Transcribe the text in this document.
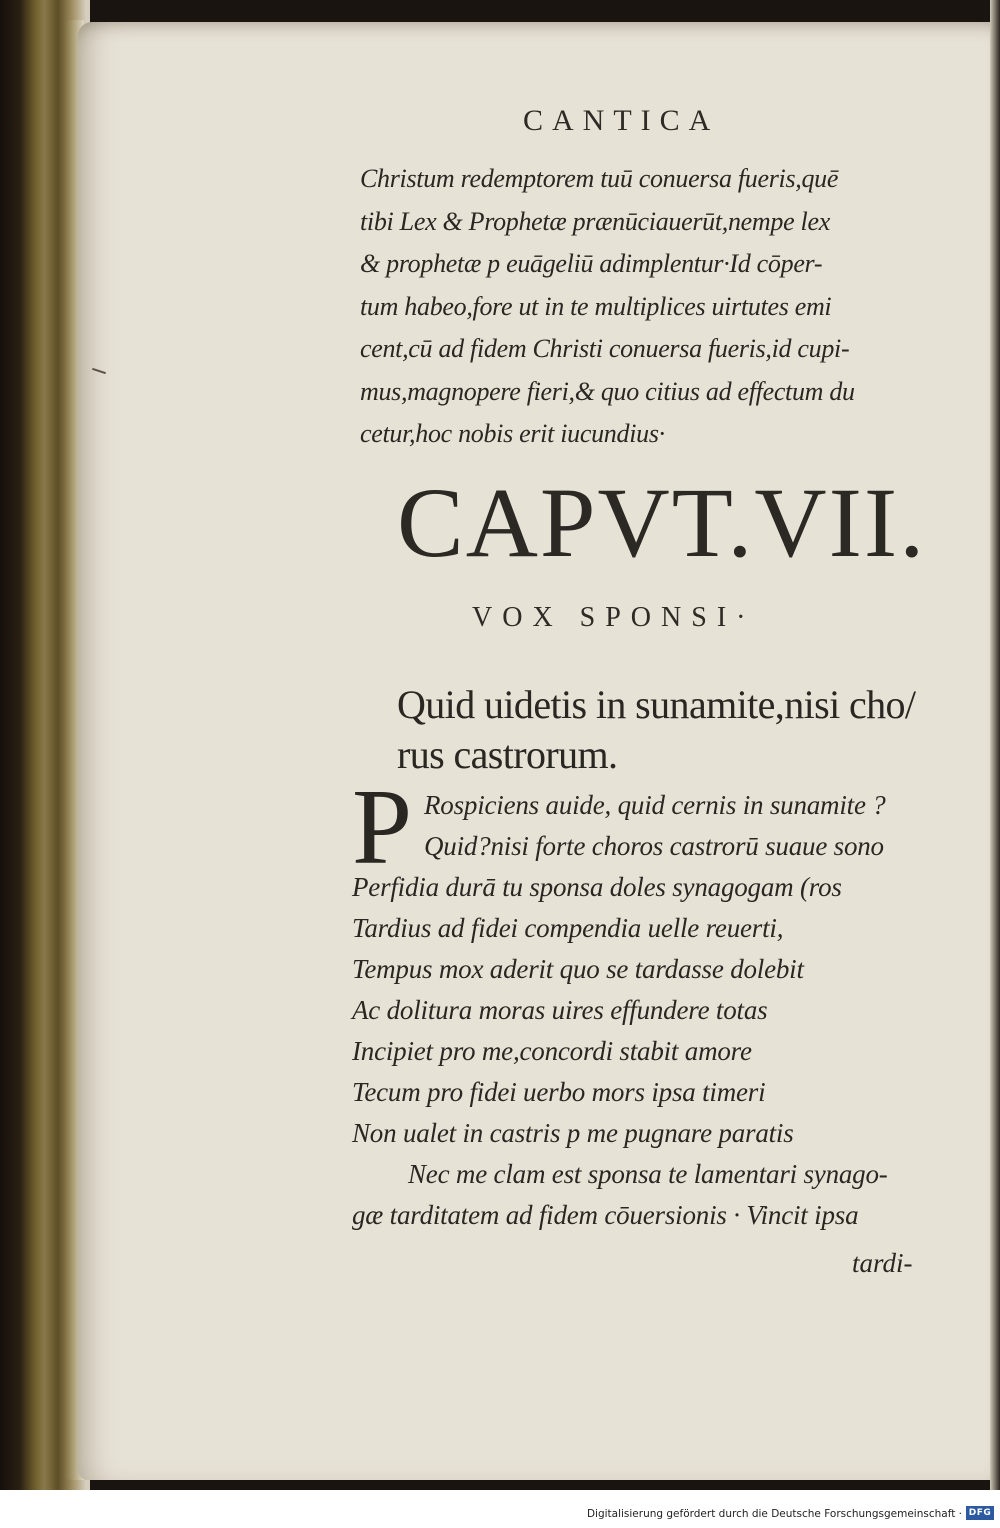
CANTICA
Christum redemptorem tuū conuersa fueris,quē
tibi Lex & Prophetæ prænūciauerūt,nempe lex
& prophetæ p euāgeliū adimplentur·Id cōper-
tum habeo,fore ut in te multiplices uirtutes emi
cent,cū ad fidem Christi conuersa fueris,id cupi-
mus,magnopere fieri,& quo citius ad effectum du
cetur,hoc nobis erit iucundius·
CAPVT.VII.
VOX SPONSI·
Quid uidetis in sunamite,nisi cho/
rus castrorum.
P Rospiciens auide, quid cernis in sunamite ?
Quid?nisi forte choros castrorū suaue sono
Perfidia durā tu sponsa doles synagogam (ros
Tardius ad fidei compendia uelle reuerti,
Tempus mox aderit quo se tardasse dolebit
Ac dolitura moras uires effundere totas
Incipiet pro me,concordi stabit amore
Tecum pro fidei uerbo mors ipsa timeri
Non ualet in castris p me pugnare paratis
Nec me clam est sponsa te lamentari synago-
gæ tarditatem ad fidem cōuersionis · Vincit ipsa
tardi-
Digitalisierung gefördert durch die Deutsche Forschungsgemeinschaft · DFG
